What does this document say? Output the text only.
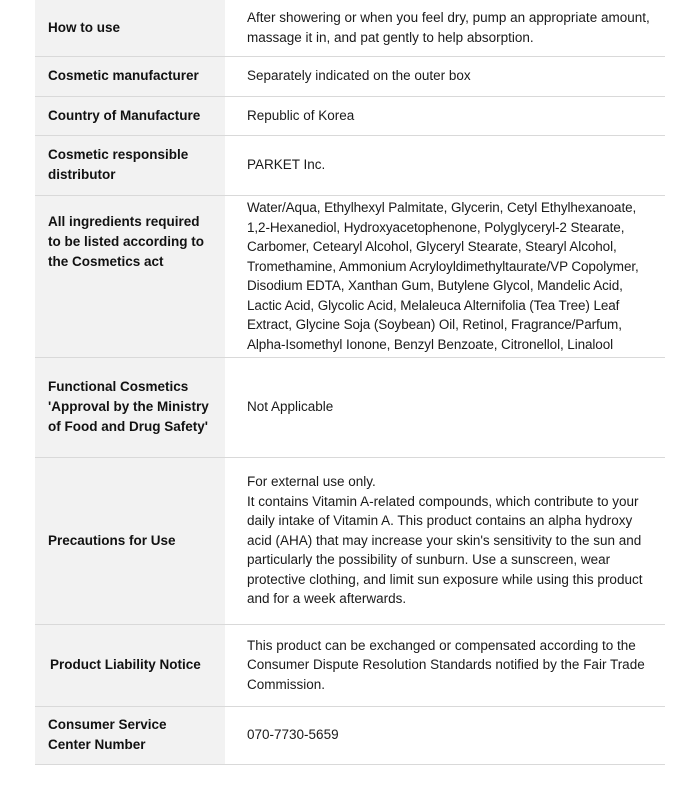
How to use	After showering or when you feel dry, pump an appropriate amount, massage it in, and pat gently to help absorption.
Cosmetic manufacturer	Separately indicated on the outer box
Country of Manufacture	Republic of Korea
Cosmetic responsible distributor	PARKET Inc.
All ingredients required to be listed according to the Cosmetics act	Water/Aqua, Ethylhexyl Palmitate, Glycerin, Cetyl Ethylhexanoate, 1,2-Hexanediol, Hydroxyacetophenone, Polyglyceryl-2 Stearate, Carbomer, Cetearyl Alcohol, Glyceryl Stearate, Stearyl Alcohol, Tromethamine, Ammonium Acryloyldimethyltaurate/VP Copolymer, Disodium EDTA, Xanthan Gum, Butylene Glycol, Mandelic Acid, Lactic Acid, Glycolic Acid, Melaleuca Alternifolia (Tea Tree) Leaf Extract, Glycine Soja (Soybean) Oil, Retinol, Fragrance/Parfum, Alpha-Isomethyl Ionone, Benzyl Benzoate, Citronellol, Linalool
Functional Cosmetics 'Approval by the Ministry of Food and Drug Safety'	Not Applicable
Precautions for Use	For external use only.
It contains Vitamin A-related compounds, which contribute to your daily intake of Vitamin A. This product contains an alpha hydroxy acid (AHA) that may increase your skin's sensitivity to the sun and particularly the possibility of sunburn. Use a sunscreen, wear protective clothing, and limit sun exposure while using this product and for a week afterwards.

Product Liability Notice	This product can be exchanged or compensated according to the Consumer Dispute Resolution Standards notified by the Fair Trade Commission.
Consumer Service Center Number	070-7730-5659
